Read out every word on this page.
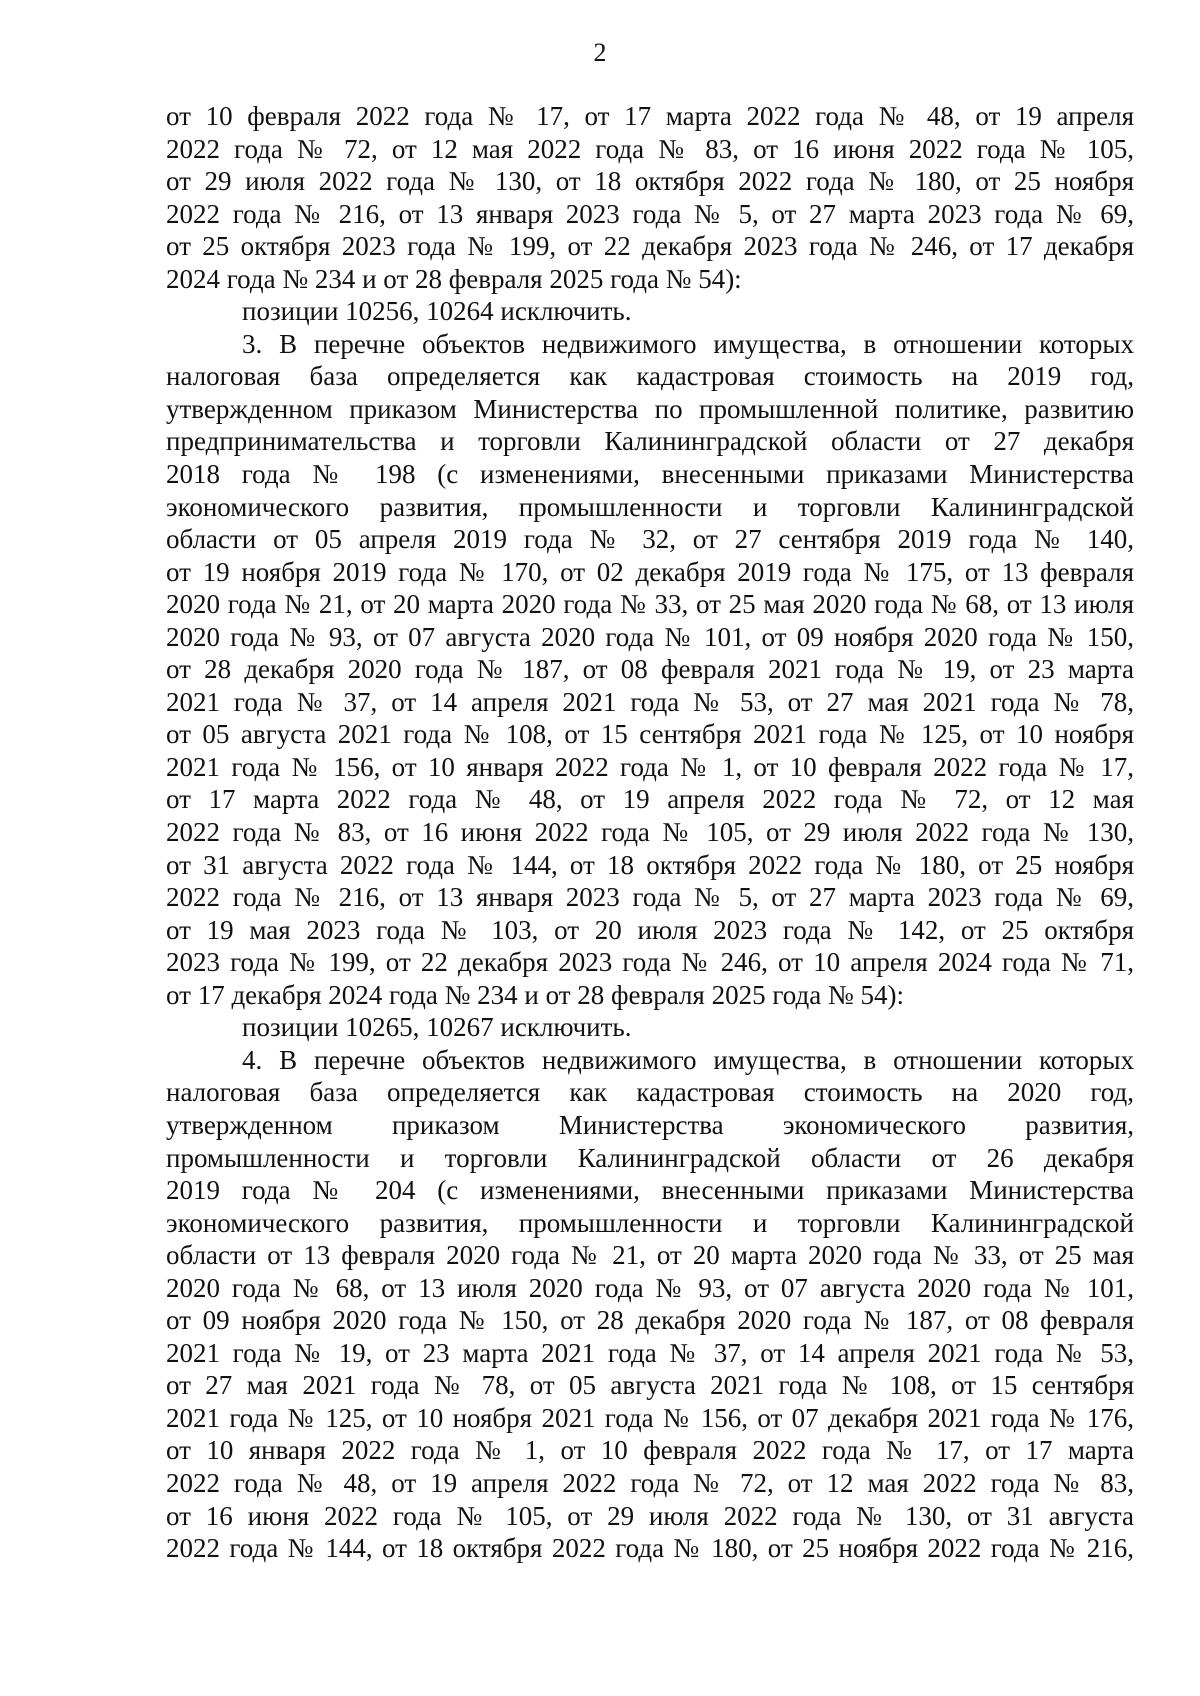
2
от 10 февраля 2022 года № 17, от 17 марта 2022 года № 48, от 19 апреля
2022 года № 72, от 12 мая 2022 года № 83, от 16 июня 2022 года № 105,
от 29 июля 2022 года № 130, от 18 октября 2022 года № 180, от 25 ноября
2022 года № 216, от 13 января 2023 года № 5, от 27 марта 2023 года № 69,
от 25 октября 2023 года № 199, от 22 декабря 2023 года № 246, от 17 декабря
2024 года № 234 и от 28 февраля 2025 года № 54):
позиции 10256, 10264 исключить.
3. В перечне объектов недвижимого имущества, в отношении которых
налоговая база определяется как кадастровая стоимость на 2019 год,
утвержденном приказом Министерства по промышленной политике, развитию
предпринимательства и торговли Калининградской области от 27 декабря
2018 года № 198 (с изменениями, внесенными приказами Министерства
экономического развития, промышленности и торговли Калининградской
области от 05 апреля 2019 года № 32, от 27 сентября 2019 года № 140,
от 19 ноября 2019 года № 170, от 02 декабря 2019 года № 175, от 13 февраля
2020 года № 21, от 20 марта 2020 года № 33, от 25 мая 2020 года № 68, от 13 июля
2020 года № 93, от 07 августа 2020 года № 101, от 09 ноября 2020 года № 150,
от 28 декабря 2020 года № 187, от 08 февраля 2021 года № 19, от 23 марта
2021 года № 37, от 14 апреля 2021 года № 53, от 27 мая 2021 года № 78,
от 05 августа 2021 года № 108, от 15 сентября 2021 года № 125, от 10 ноября
2021 года № 156, от 10 января 2022 года № 1, от 10 февраля 2022 года № 17,
от 17 марта 2022 года № 48, от 19 апреля 2022 года № 72, от 12 мая
2022 года № 83, от 16 июня 2022 года № 105, от 29 июля 2022 года № 130,
от 31 августа 2022 года № 144, от 18 октября 2022 года № 180, от 25 ноября
2022 года № 216, от 13 января 2023 года № 5, от 27 марта 2023 года № 69,
от 19 мая 2023 года № 103, от 20 июля 2023 года № 142, от 25 октября
2023 года № 199, от 22 декабря 2023 года № 246, от 10 апреля 2024 года № 71,
от 17 декабря 2024 года № 234 и от 28 февраля 2025 года № 54):
позиции 10265, 10267 исключить.
4. В перечне объектов недвижимого имущества, в отношении которых
налоговая база определяется как кадастровая стоимость на 2020 год,
утвержденном приказом Министерства экономического развития,
промышленности и торговли Калининградской области от 26 декабря
2019 года № 204 (с изменениями, внесенными приказами Министерства
экономического развития, промышленности и торговли Калининградской
области от 13 февраля 2020 года № 21, от 20 марта 2020 года № 33, от 25 мая
2020 года № 68, от 13 июля 2020 года № 93, от 07 августа 2020 года № 101,
от 09 ноября 2020 года № 150, от 28 декабря 2020 года № 187, от 08 февраля
2021 года № 19, от 23 марта 2021 года № 37, от 14 апреля 2021 года № 53,
от 27 мая 2021 года № 78, от 05 августа 2021 года № 108, от 15 сентября
2021 года № 125, от 10 ноября 2021 года № 156, от 07 декабря 2021 года № 176,
от 10 января 2022 года № 1, от 10 февраля 2022 года № 17, от 17 марта
2022 года № 48, от 19 апреля 2022 года № 72, от 12 мая 2022 года № 83,
от 16 июня 2022 года № 105, от 29 июля 2022 года № 130, от 31 августа
2022 года № 144, от 18 октября 2022 года № 180, от 25 ноября 2022 года № 216,
